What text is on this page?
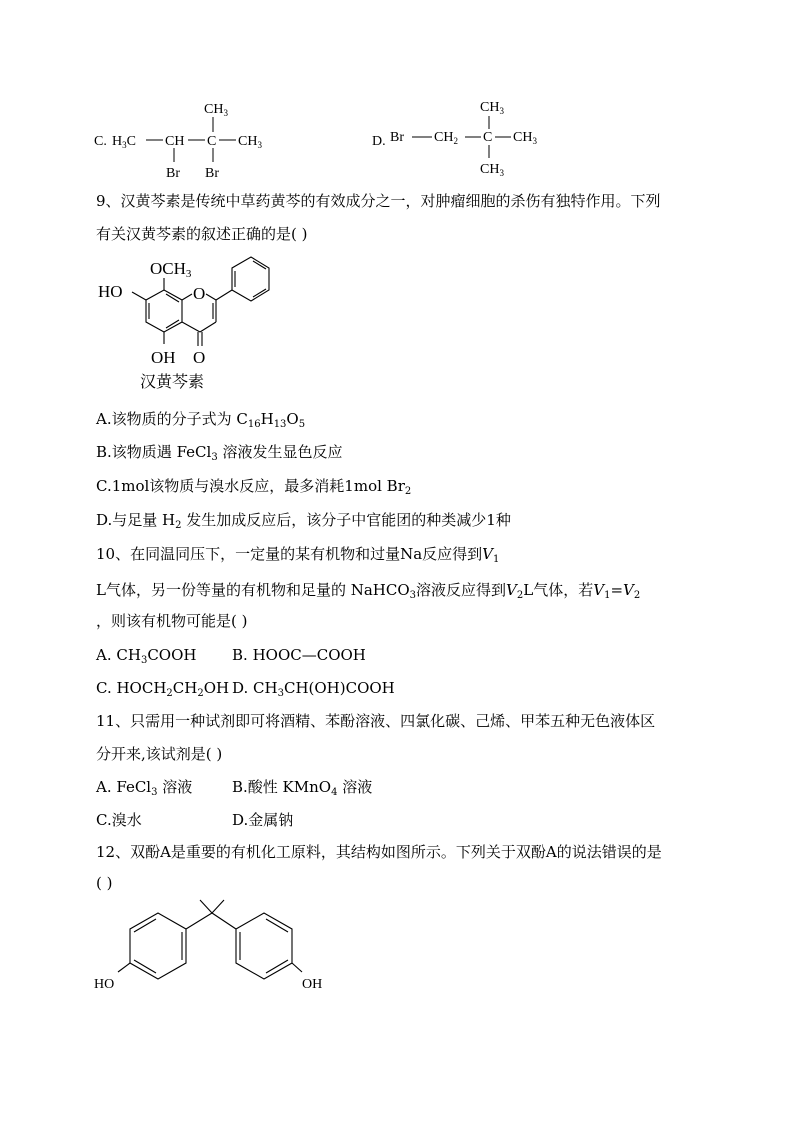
C. $H_3C$ CH C $CH_3$
$CH_3$
Br Br
D. Br $CH_2$ C $CH_3$
$CH_3$
$CH_3$
9、汉黄芩素是传统中草药黄芩的有效成分之一，对肿瘤细胞的杀伤有独特作用。下列
有关汉黄芩素的叙述正确的是( )
OCH3
HO	O
OH O
汉黄芩素
A.该物质的分子式为 $C_{16}H_{13}O_5$
B.该物质遇 FeCl$_3$ 溶液发生显色反应
C.1mol该物质与溴水反应，最多消耗1mol $Br_2$
D.与足量 $H_2$ 发生加成反应后，该分子中官能团的种类减少1种
10、在同温同压下，一定量的某有机物和过量Na反应得到$V_1$
L气体，另一份等量的有机物和足量的 NaHCO$_3$溶液反应得到$V_2L$气体，若$V_1=V_2$
，则该有机物可能是( )
A. $CH_3COOH$ B. HOOC—COOH
C. $HOCH_2CH_2OH$ D. $CH_3CH(OH)COOH$
11、只需用一种试剂即可将酒精、苯酚溶液、四氯化碳、己烯、甲苯五种无色液体区
分开来,该试剂是( )
A. FeCl$_3$ 溶液	B.酸性 KMnO$_4$ 溶液
C.溴水	D.金属钠
12、双酚A是重要的有机化工原料，其结构如图所示。下列关于双酚A的说法错误的是
( )
HO	OH
